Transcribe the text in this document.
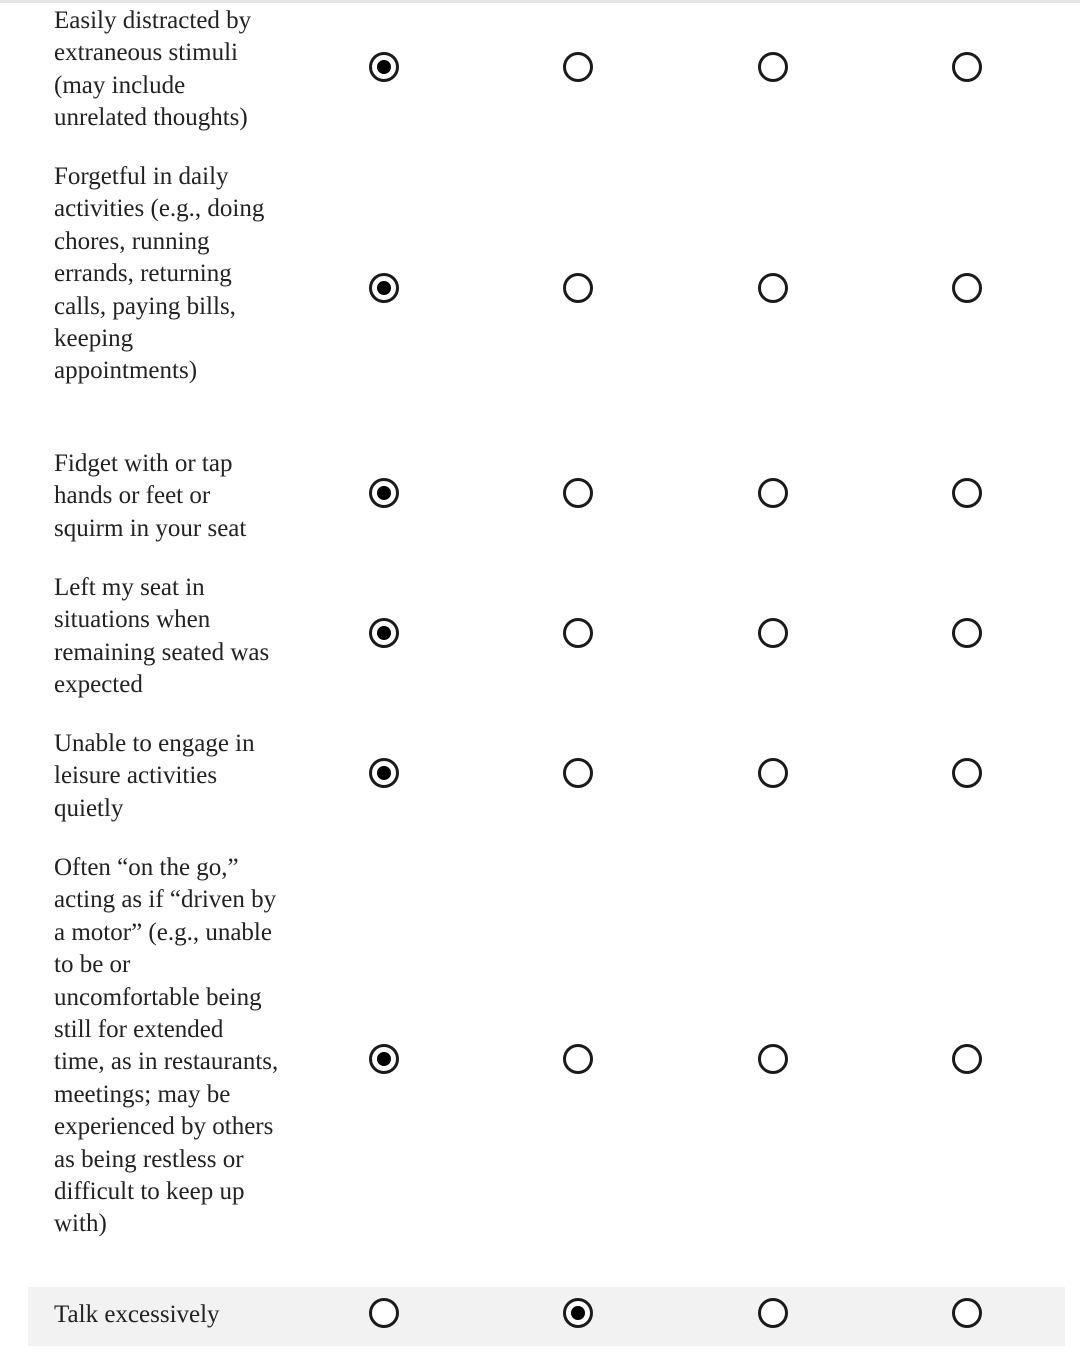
Easily distracted by extraneous stimuli (may include unrelated thoughts)
Forgetful in daily activities (e.g., doing chores, running errands, returning calls, paying bills, keeping appointments)
Fidget with or tap hands or feet or squirm in your seat
Left my seat in situations when remaining seated was expected
Unable to engage in leisure activities quietly
Often “on the go,” acting as if “driven by a motor” (e.g., unable to be or uncomfortable being still for extended time, as in restaurants, meetings; may be experienced by others as being restless or difficult to keep up with)
Talk excessively
